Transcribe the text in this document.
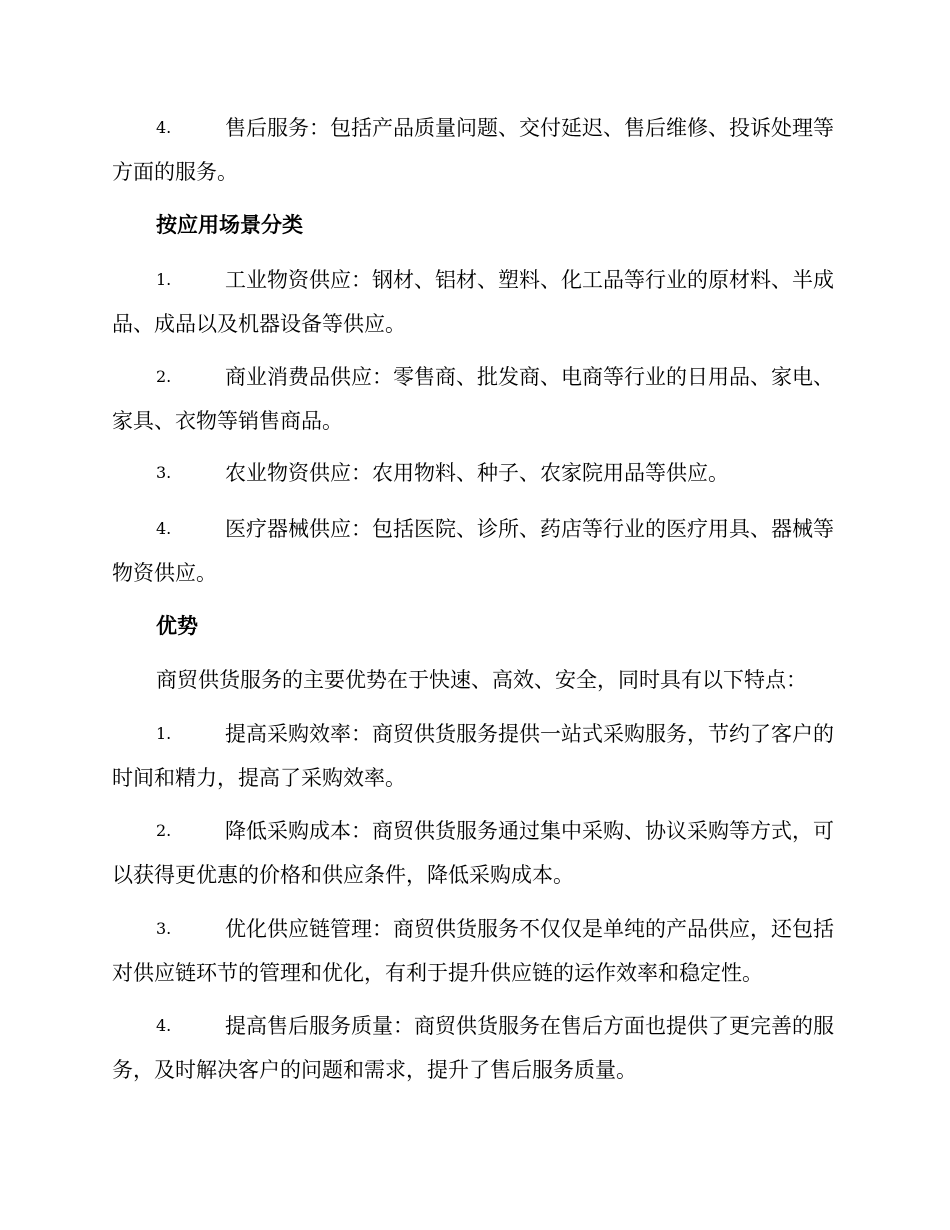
4.	售后服务：包括产品质量问题、交付延迟、售后维修、投诉处理等方面的服务。
按应用场景分类
1.	工业物资供应：钢材、铝材、塑料、化工品等行业的原材料、半成品、成品以及机器设备等供应。
2.	商业消费品供应：零售商、批发商、电商等行业的日用品、家电、家具、衣物等销售商品。
3.	农业物资供应：农用物料、种子、农家院用品等供应。
4.	医疗器械供应：包括医院、诊所、药店等行业的医疗用具、器械等物资供应。
优势
商贸供货服务的主要优势在于快速、高效、安全，同时具有以下特点：
1.	提高采购效率：商贸供货服务提供一站式采购服务，节约了客户的时间和精力，提高了采购效率。
2.	降低采购成本：商贸供货服务通过集中采购、协议采购等方式，可以获得更优惠的价格和供应条件，降低采购成本。
3.	优化供应链管理：商贸供货服务不仅仅是单纯的产品供应，还包括对供应链环节的管理和优化，有利于提升供应链的运作效率和稳定性。
4.	提高售后服务质量：商贸供货服务在售后方面也提供了更完善的服务，及时解决客户的问题和需求，提升了售后服务质量。
